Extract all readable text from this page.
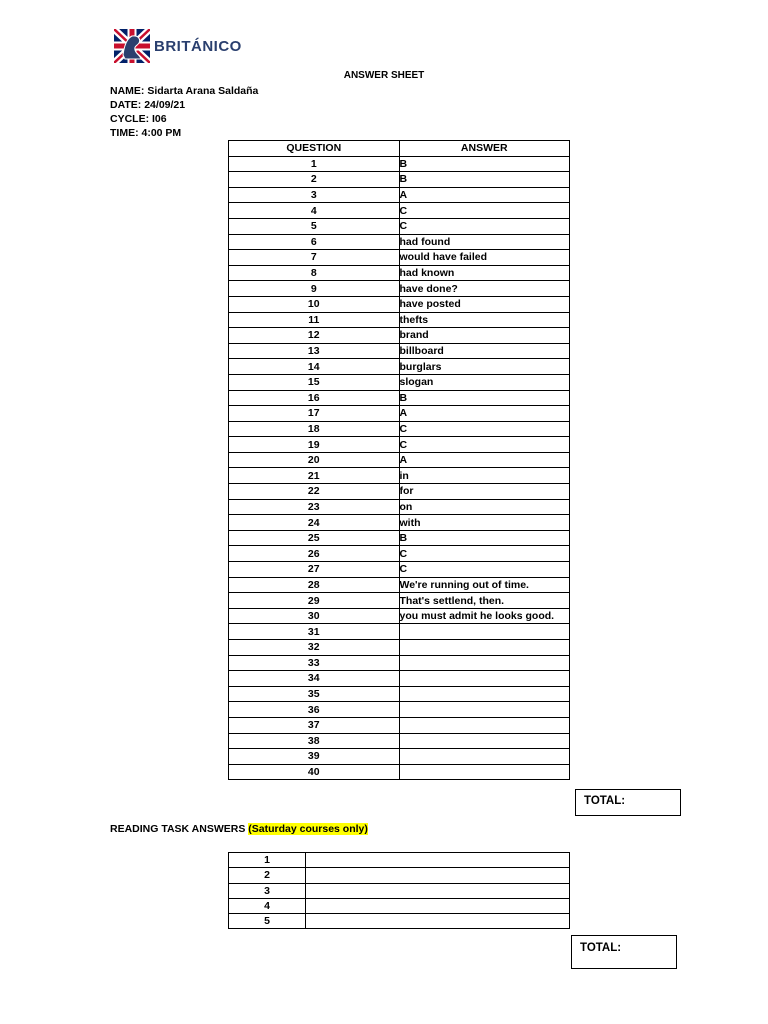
BRITÁNICO
ANSWER SHEET
NAME: Sidarta Arana Saldaña
DATE: 24/09/21
CYCLE: I06
TIME: 4:00 PM
QUESTION	ANSWER
1	B
2	B
3	A
4	C
5	C
6	had found
7	would have failed
8	had known
9	have done?
10	have posted
11	thefts
12	brand
13	billboard
14	burglars
15	slogan
16	B
17	A
18	C
19	C
20	A
21	in
22	for
23	on
24	with
25	B
26	C
27	C
28	We're running out of time.
29	That's settlend, then.
30	you must admit he looks good.
31	
32	
33	
34	
35	
36	
37	
38	
39	
40	
TOTAL:
READING TASK ANSWERS (Saturday courses only)
1	
2	
3	
4	
5	
TOTAL:
